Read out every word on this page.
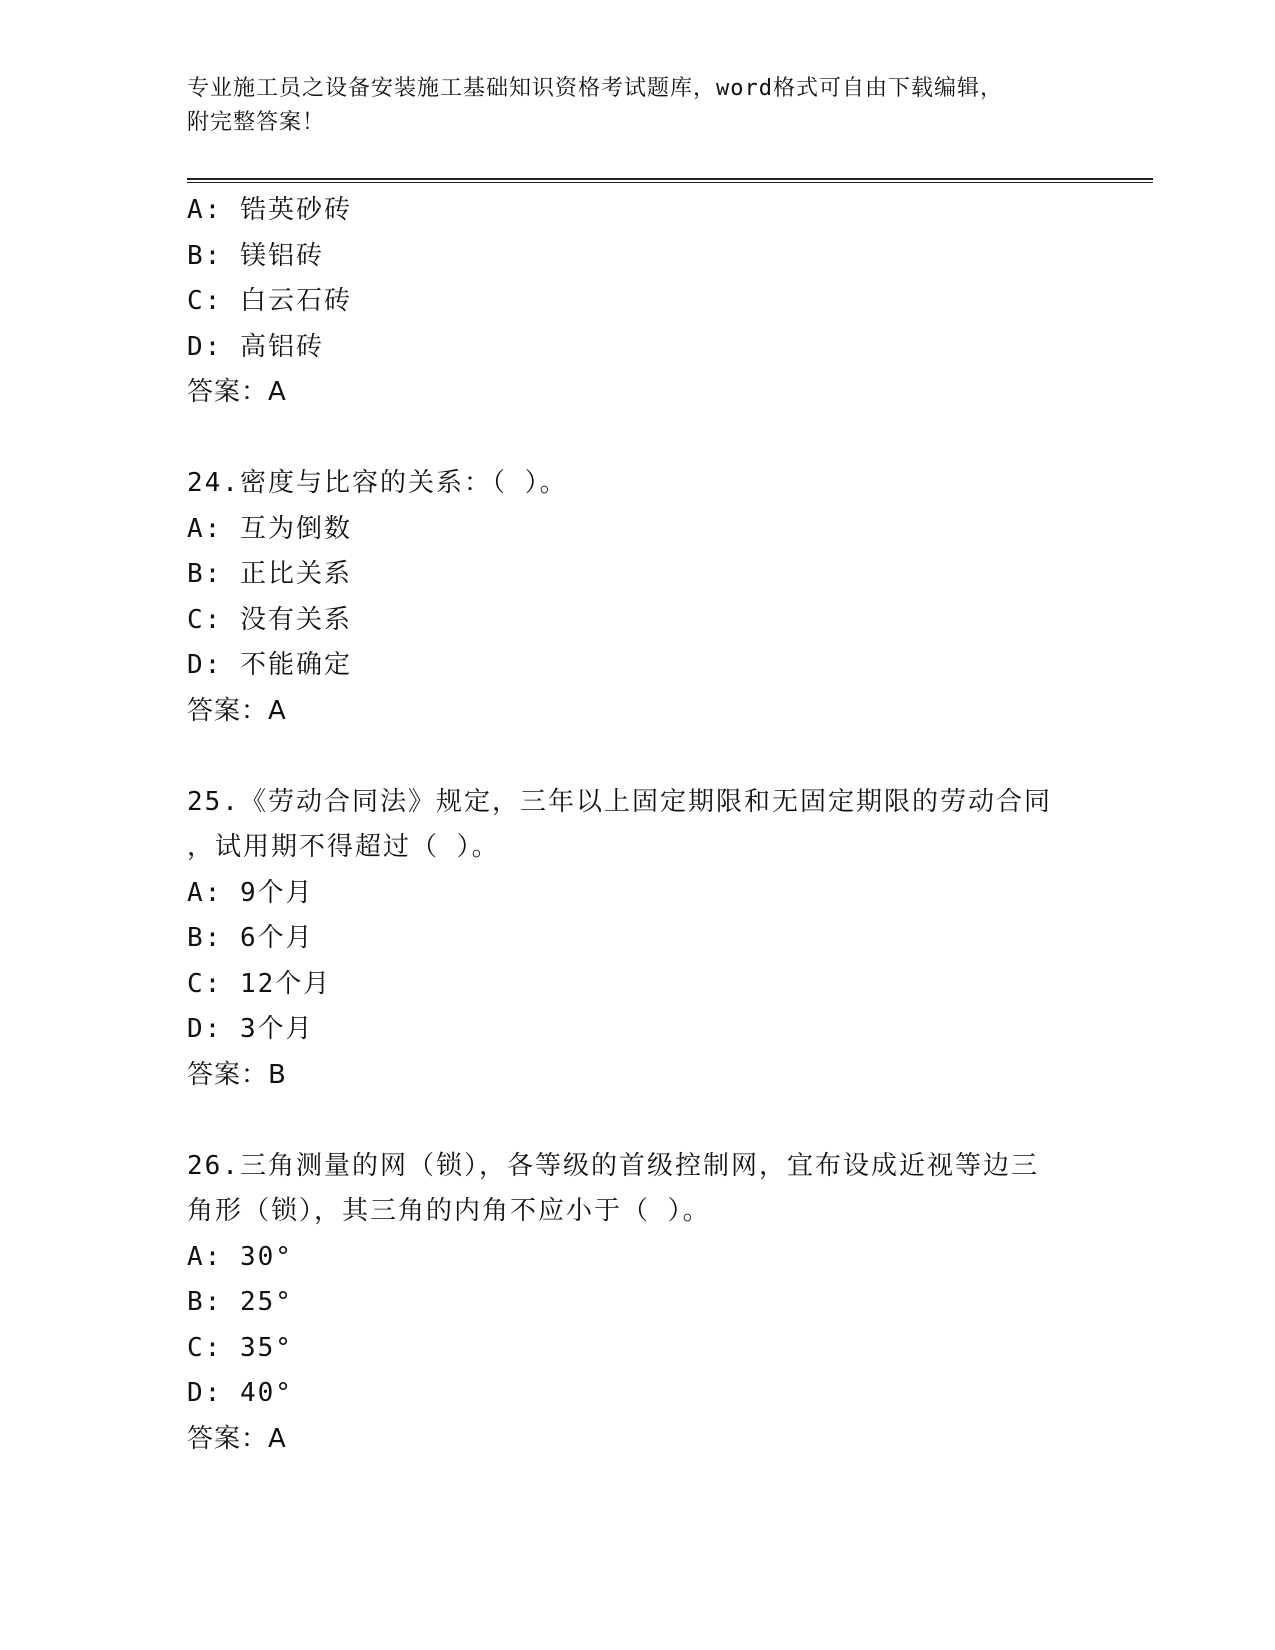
专业施工员之设备安装施工基础知识资格考试题库，word格式可自由下载编辑，
附完整答案！
A: 锆英砂砖
B: 镁铝砖
C: 白云石砖
D: 高铝砖
答案：A
24.密度与比容的关系：（ ）。
A: 互为倒数
B: 正比关系
C: 没有关系
D: 不能确定
答案：A
25.《劳动合同法》规定，三年以上固定期限和无固定期限的劳动合同
，试用期不得超过（ ）。
A: 9个月
B: 6个月
C: 12个月
D: 3个月
答案：B
26.三角测量的网（锁），各等级的首级控制网，宜布设成近视等边三
角形（锁），其三角的内角不应小于（ ）。
A: 30°
B: 25°
C: 35°
D: 40°
答案：A
